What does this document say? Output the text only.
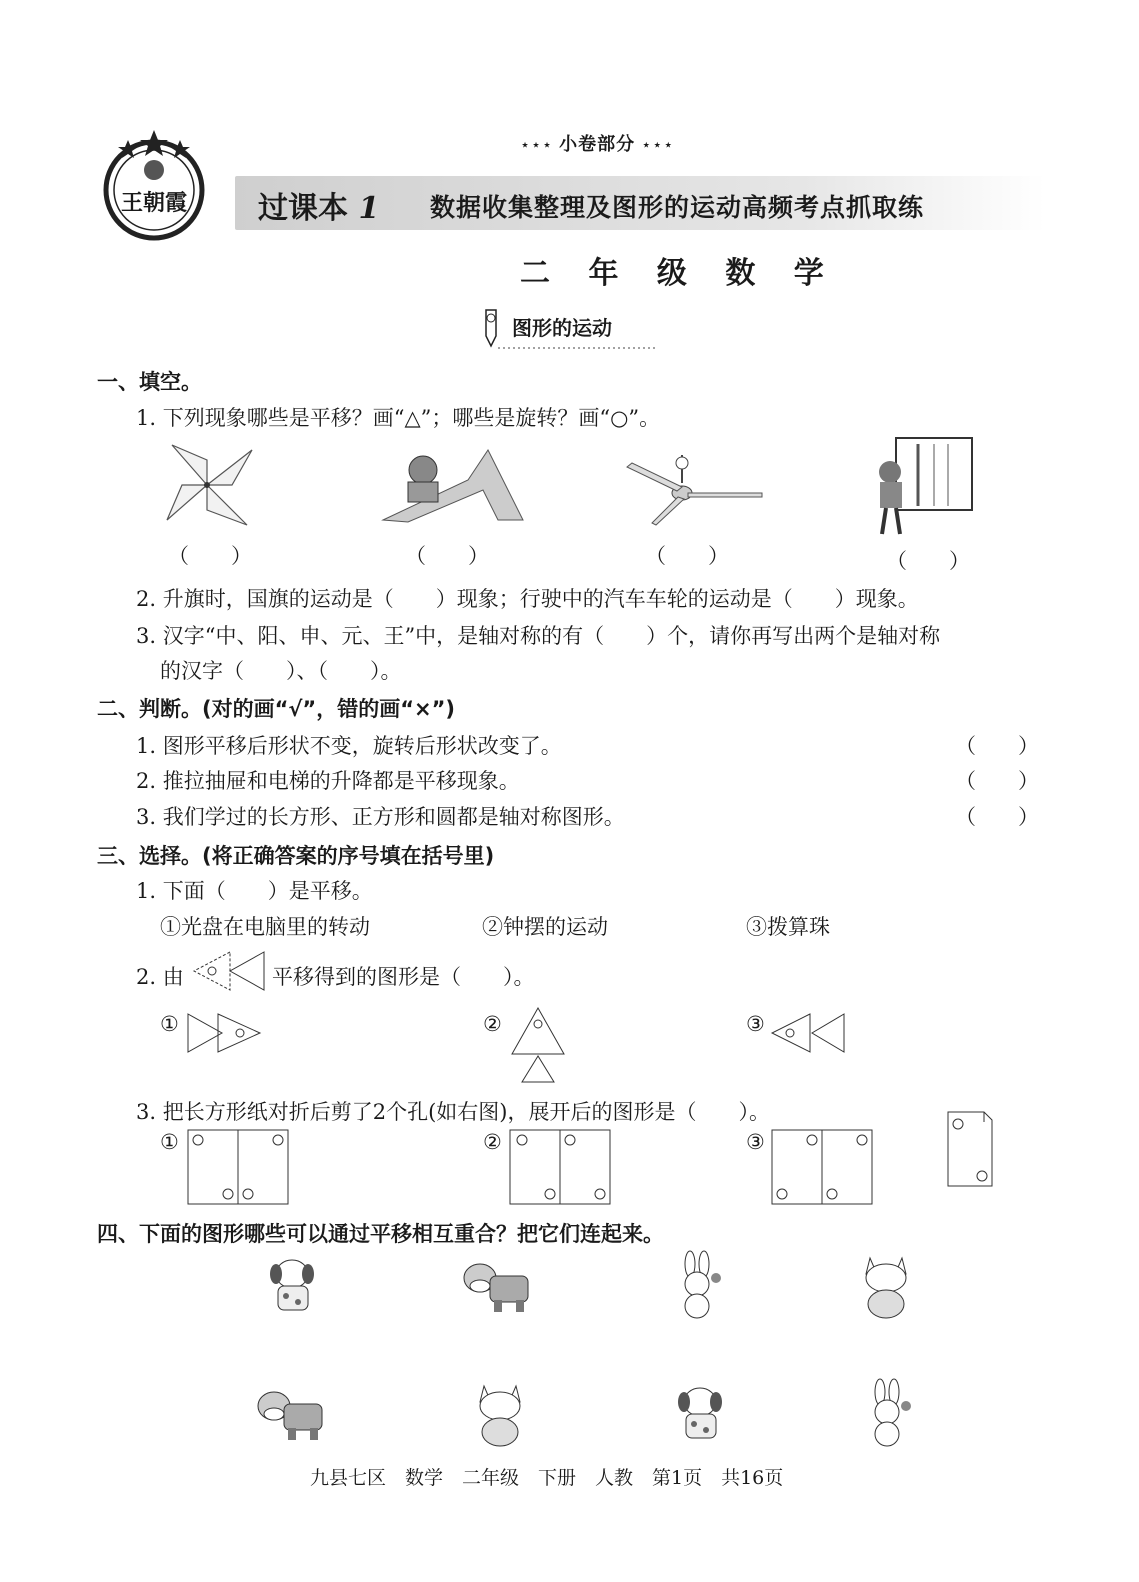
王朝霞
⋆⋆⋆ 小卷部分 ⋆⋆⋆
过课本 1 数据收集整理及图形的运动高频考点抓取练
二 年 级 数 学
图形的运动
一、填空。
1. 下列现象哪些是平移？画“△”；哪些是旋转？画“○”。
（　　）	（　　）	（　　）	（　　）
2. 升旗时，国旗的运动是（　　）现象；行驶中的汽车车轮的运动是（　　）现象。
3. 汉字“中、阳、申、元、王”中，是轴对称的有（　　）个，请你再写出两个是轴对称
的汉字（　　）、（　　）。
二、判断。(对的画“√”，错的画“×”)
1. 图形平移后形状不变，旋转后形状改变了。
2. 推拉抽屉和电梯的升降都是平移现象。
3. 我们学过的长方形、正方形和圆都是轴对称图形。
（　　）
（　　）
（　　）
三、选择。(将正确答案的序号填在括号里)
1. 下面（　　）是平移。
①光盘在电脑里的转动	②钟摆的运动	③拨算珠
2. 由	平移得到的图形是（　　）。
①	②	③
3. 把长方形纸对折后剪了2个孔(如右图)，展开后的图形是（　　）。
①	②	③
四、下面的图形哪些可以通过平移相互重合？把它们连起来。
九县七区　数学　二年级　下册　人教　第1页　共16页
